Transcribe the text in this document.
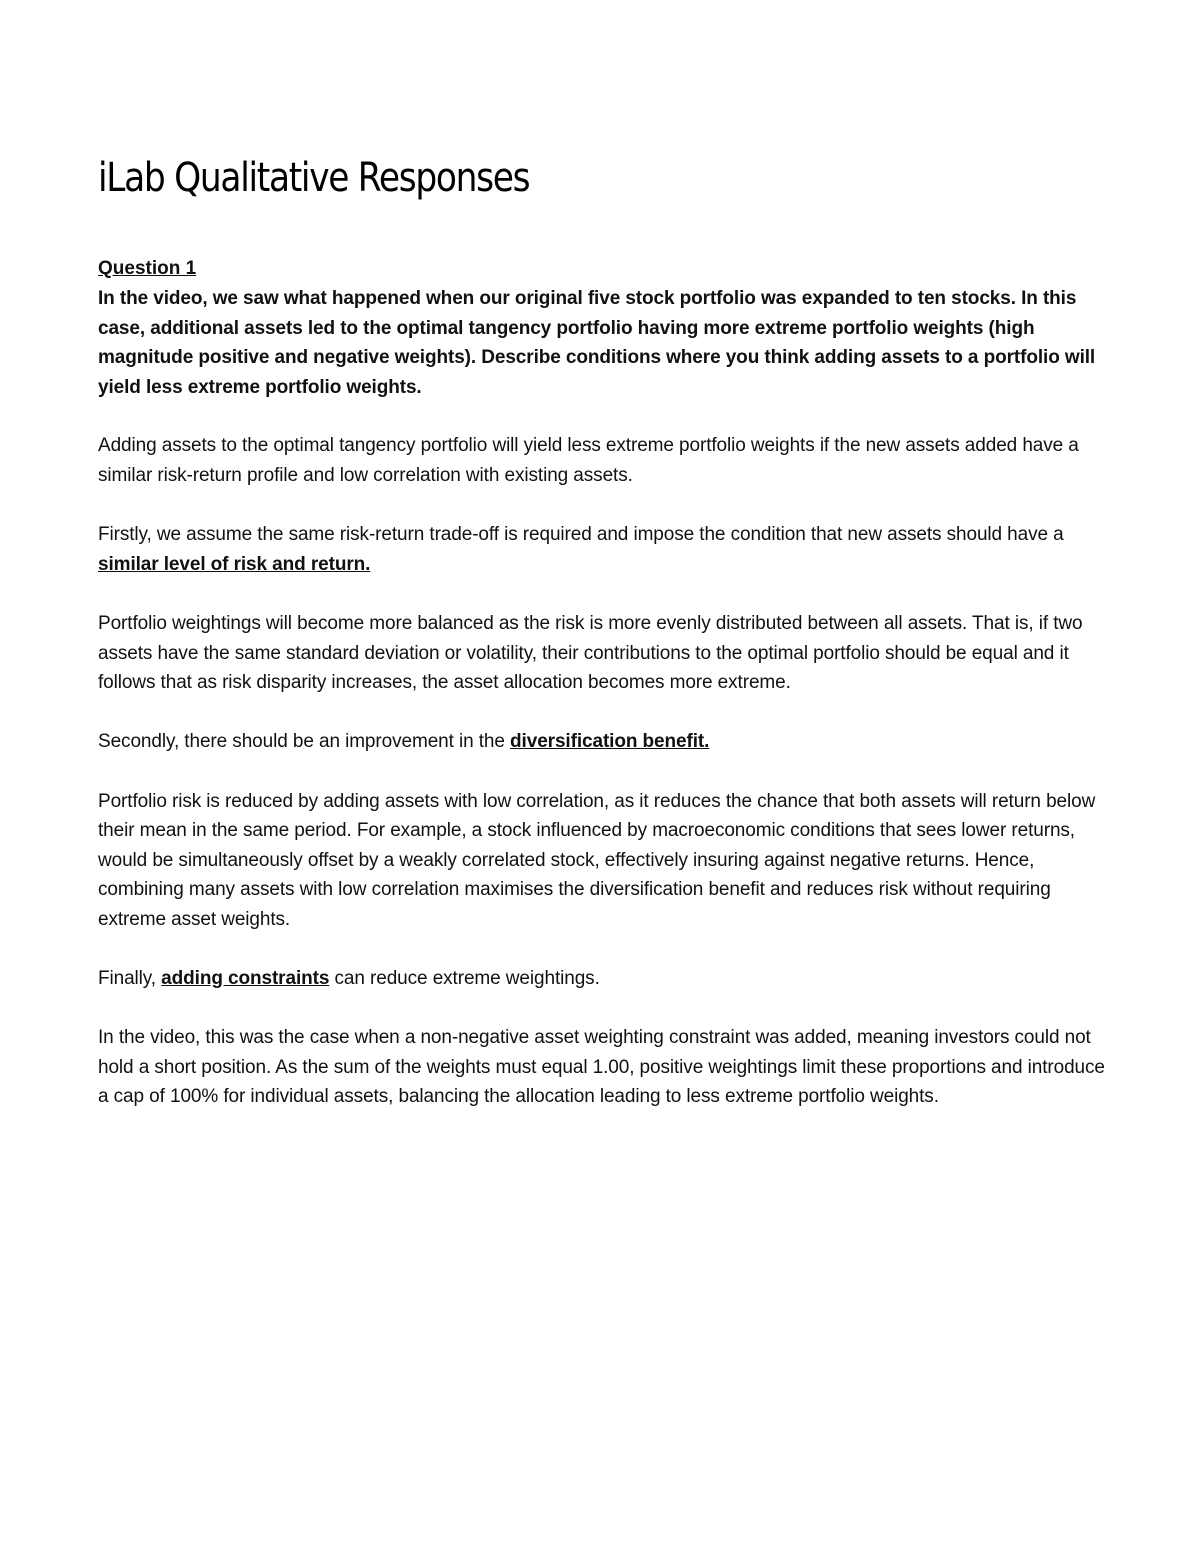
iLab Qualitative Responses
Question 1

In the video, we saw what happened when our original five stock portfolio was expanded to ten stocks. In this case, additional assets led to the optimal tangency portfolio having more extreme portfolio weights (high magnitude positive and negative weights). Describe conditions where you think adding assets to a portfolio will yield less extreme portfolio weights.

Adding assets to the optimal tangency portfolio will yield less extreme portfolio weights if the new assets added have a similar risk-return profile and low correlation with existing assets.

Firstly, we assume the same risk-return trade-off is required and impose the condition that new assets should have a similar level of risk and return.

Portfolio weightings will become more balanced as the risk is more evenly distributed between all assets. That is, if two assets have the same standard deviation or volatility, their contributions to the optimal portfolio should be equal and it follows that as risk disparity increases, the asset allocation becomes more extreme.

Secondly, there should be an improvement in the diversification benefit.

Portfolio risk is reduced by adding assets with low correlation, as it reduces the chance that both assets will return below their mean in the same period. For example, a stock influenced by macroeconomic conditions that sees lower returns, would be simultaneously offset by a weakly correlated stock, effectively insuring against negative returns. Hence, combining many assets with low correlation maximises the diversification benefit and reduces risk without requiring extreme asset weights.

Finally, adding constraints can reduce extreme weightings.

In the video, this was the case when a non-negative asset weighting constraint was added, meaning investors could not hold a short position. As the sum of the weights must equal 1.00, positive weightings limit these proportions and introduce a cap of 100% for individual assets, balancing the allocation leading to less extreme portfolio weights.
